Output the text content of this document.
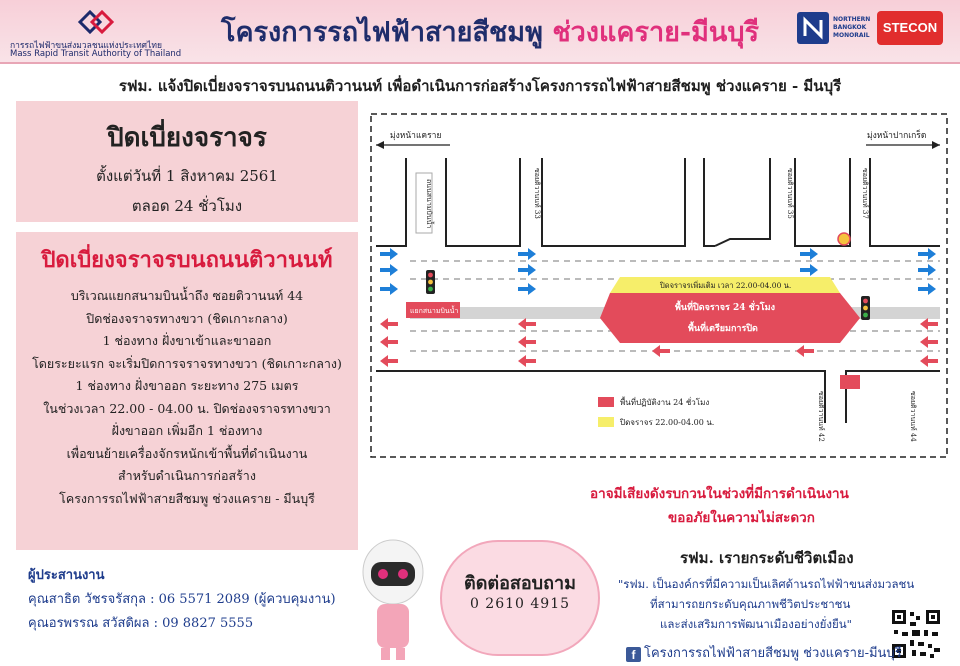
การรถไฟฟ้าขนส่งมวลชนแห่งประเทศไทย
Mass Rapid Transit Authority of Thailand
โครงการรถไฟฟ้าสายสีชมพู ช่วงแคราย-มีนบุรี	NORTHERN BANGKOK MONORAIL
STECON
รฟม. แจ้งปิดเบี่ยงจราจรบนถนนติวานนท์ เพื่อดำเนินการก่อสร้างโครงการรถไฟฟ้าสายสีชมพู ช่วงแคราย - มีนบุรี
ปิดเบี่ยงจราจร
ตั้งแต่วันที่ 1 สิงหาคม 2561
ตลอด 24 ชั่วโมง
ปิดเบี่ยงจราจรบนถนนติวานนท์
บริเวณแยกสนามบินน้ำถึง ซอยติวานนท์ 44
ปิดช่องจราจรทางขวา (ชิดเกาะกลาง)
1 ช่องทาง ฝั่งขาเข้าและขาออก
โดยระยะแรก จะเริ่มปิดการจราจรทางขวา (ชิดเกาะกลาง)
1 ช่องทาง ฝั่งขาออก ระยะทาง 275 เมตร
ในช่วงเวลา 22.00 - 04.00 น. ปิดช่องจราจรทางขวา
ฝั่งขาออก เพิ่มอีก 1 ช่องทาง
เพื่อขนย้ายเครื่องจักรหนักเข้าพื้นที่ดำเนินงาน
สำหรับดำเนินการก่อสร้าง
โครงการรถไฟฟ้าสายสีชมพู ช่วงแคราย - มีนบุรี
ผู้ประสานงาน
คุณสาธิต วัชรจรัสกุล : 06 5571 2089 (ผู้ควบคุมงาน)
คุณอรพรรณ สวัสดิผล : 09 8827 5555
ติดต่อสอบถาม
0 2610 4915
มุ่งหน้าแคราย	มุ่งหน้าปากเกร็ด
ปิดจราจรเพิ่มเติม เวลา 22.00-04.00 น.
พื้นที่ปิดจราจร 24 ชั่วโมง
พื้นที่เตรียมการปิด
แยกสนามบินน้ำ
ถนนสนามบินน้ำ	ซอยติวานนท์ 33	ซอยติวานนท์ 35	ซอยติวานนท์ 37
ซอยติวานนท์ 42	ซอยติวานนท์ 44
พื้นที่ปฏิบัติงาน 24 ชั่วโมง
ปิดจราจร 22.00-04.00 น.
อาจมีเสียงดังรบกวนในช่วงที่มีการดำเนินงาน
ขออภัยในความไม่สะดวก
รฟม. เรายกระดับชีวิตเมือง
"รฟม. เป็นองค์กรที่มีความเป็นเลิศด้านรถไฟฟ้าขนส่งมวลชน
ที่สามารถยกระดับคุณภาพชีวิตประชาชน
และส่งเสริมการพัฒนาเมืองอย่างยั่งยืน"
f โครงการรถไฟฟ้าสายสีชมพู ช่วงแคราย-มีนบุรี
